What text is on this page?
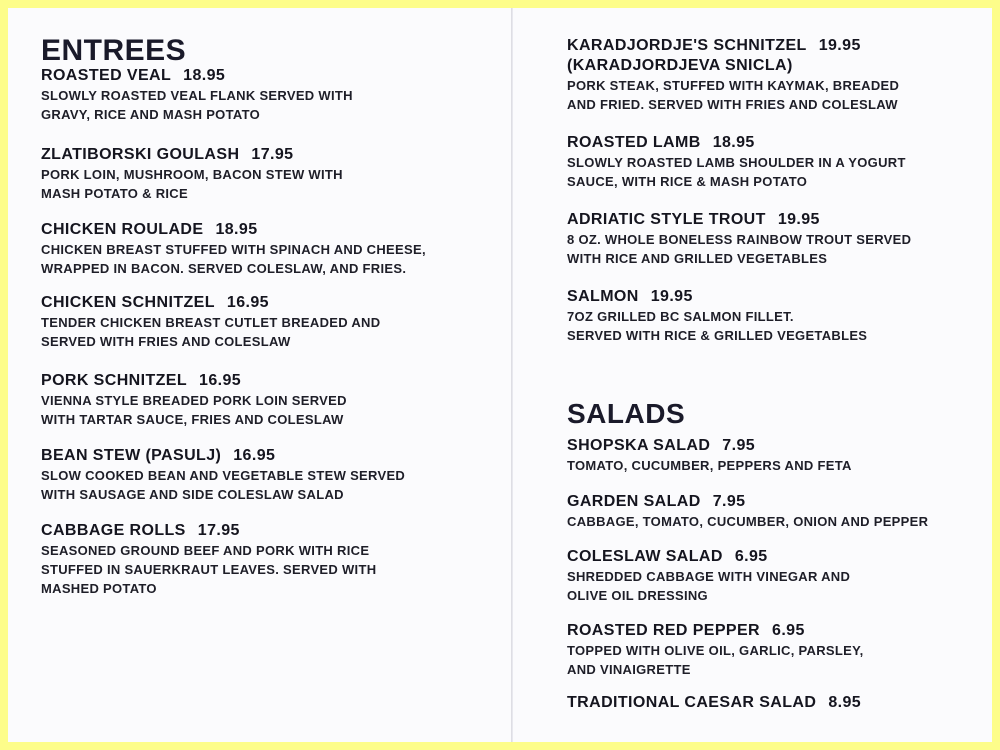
ENTREES
ROASTED VEAL 18.95
SLOWLY ROASTED VEAL FLANK SERVED WITH
GRAVY, RICE AND MASH POTATO
ZLATIBORSKI GOULASH 17.95
PORK LOIN, MUSHROOM, BACON STEW WITH
MASH POTATO & RICE
CHICKEN ROULADE 18.95
CHICKEN BREAST STUFFED WITH SPINACH AND CHEESE,
WRAPPED IN BACON. SERVED COLESLAW, AND FRIES.
CHICKEN SCHNITZEL 16.95
TENDER CHICKEN BREAST CUTLET BREADED AND
SERVED WITH FRIES AND COLESLAW
PORK SCHNITZEL 16.95
VIENNA STYLE BREADED PORK LOIN SERVED
WITH TARTAR SAUCE, FRIES AND COLESLAW
BEAN STEW (PASULJ) 16.95
SLOW COOKED BEAN AND VEGETABLE STEW SERVED
WITH SAUSAGE AND SIDE COLESLAW SALAD
CABBAGE ROLLS 17.95
SEASONED GROUND BEEF AND PORK WITH RICE
STUFFED IN SAUERKRAUT LEAVES. SERVED WITH
MASHED POTATO
KARADJORDJE'S SCHNITZEL 19.95
(KARADJORDJEVA SNICLA)
PORK STEAK, STUFFED WITH KAYMAK, BREADED
AND FRIED. SERVED WITH FRIES AND COLESLAW
ROASTED LAMB 18.95
SLOWLY ROASTED LAMB SHOULDER IN A YOGURT
SAUCE, WITH RICE & MASH POTATO
ADRIATIC STYLE TROUT 19.95
8 OZ. WHOLE BONELESS RAINBOW TROUT SERVED
WITH RICE AND GRILLED VEGETABLES
SALMON 19.95
7OZ GRILLED BC SALMON FILLET.
SERVED WITH RICE & GRILLED VEGETABLES
SALADS
SHOPSKA SALAD 7.95
TOMATO, CUCUMBER, PEPPERS AND FETA
GARDEN SALAD 7.95
CABBAGE, TOMATO, CUCUMBER, ONION AND PEPPER
COLESLAW SALAD 6.95
SHREDDED CABBAGE WITH VINEGAR AND
OLIVE OIL DRESSING
ROASTED RED PEPPER 6.95
TOPPED WITH OLIVE OIL, GARLIC, PARSLEY,
AND VINAIGRETTE
TRADITIONAL CAESAR SALAD 8.95
